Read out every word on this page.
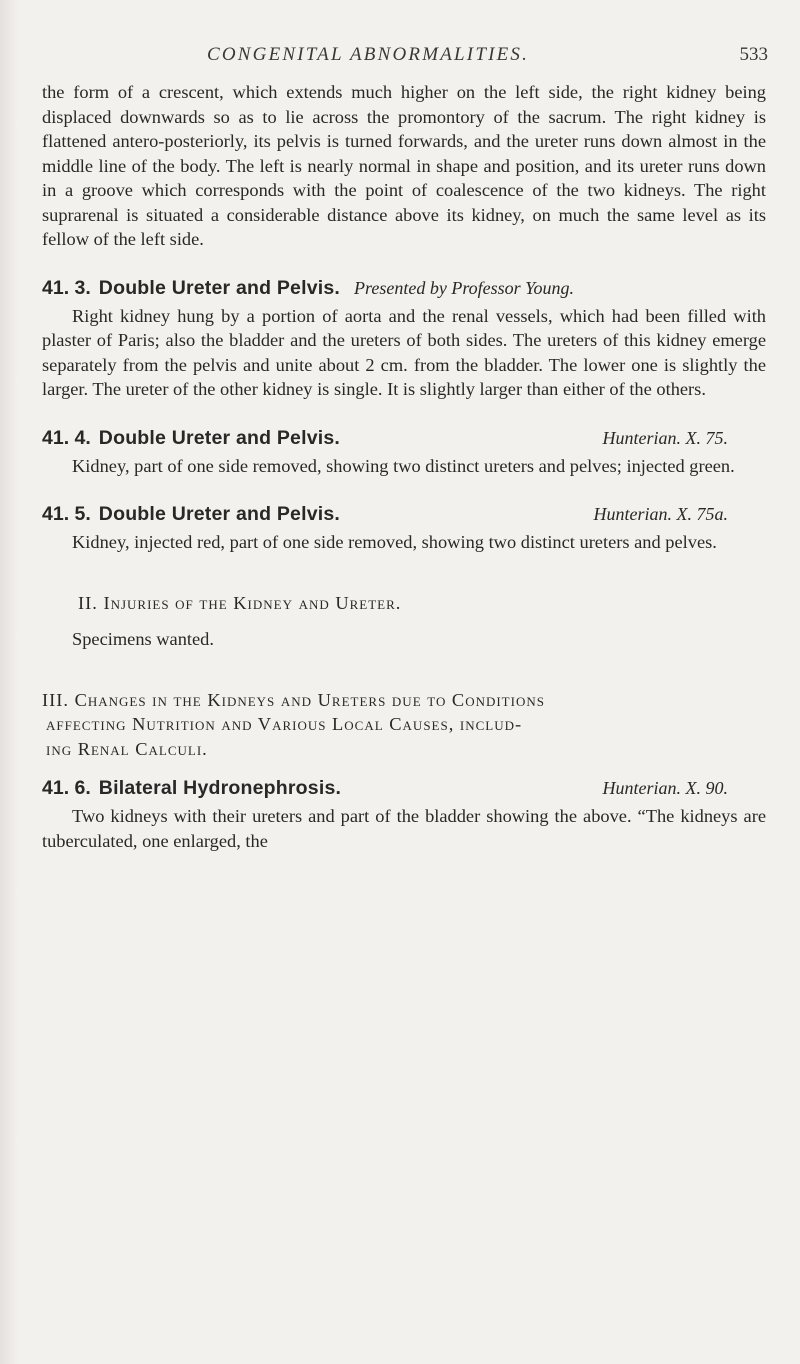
CONGENITAL ABNORMALITIES.	533

the form of a crescent, which extends much higher on the left side, the right kidney being displaced downwards so as to lie across the promontory of the sacrum. The right kidney is flattened antero-posteriorly, its pelvis is turned forwards, and the ureter runs down almost in the middle line of the body. The left is nearly normal in shape and position, and its ureter runs down in a groove which corresponds with the point of coalescence of the two kidneys. The right suprarenal is situated a considerable distance above its kidney, on much the same level as its fellow of the left side.

41. 3. Double Ureter and Pelvis. Presented by Professor Young.

Right kidney hung by a portion of aorta and the renal vessels, which had been filled with plaster of Paris; also the bladder and the ureters of both sides. The ureters of this kidney emerge separately from the pelvis and unite about 2 cm. from the bladder. The lower one is slightly the larger. The ureter of the other kidney is single. It is slightly larger than either of the others.

41. 4. Double Ureter and Pelvis.	Hunterian. X. 75.

Kidney, part of one side removed, showing two distinct ureters and pelves; injected green.

41. 5. Double Ureter and Pelvis.	Hunterian. X. 75a.

Kidney, injected red, part of one side removed, showing two distinct ureters and pelves.

II. Injuries of the Kidney and Ureter.

Specimens wanted.

III. Changes in the Kidneys and Ureters due to Conditions
affecting Nutrition and Various Local Causes, includ-
ing Renal Calculi.
41. 6. Bilateral Hydronephrosis.	Hunterian. X. 90.

Two kidneys with their ureters and part of the bladder showing the above. “The kidneys are tuberculated, one enlarged, the
